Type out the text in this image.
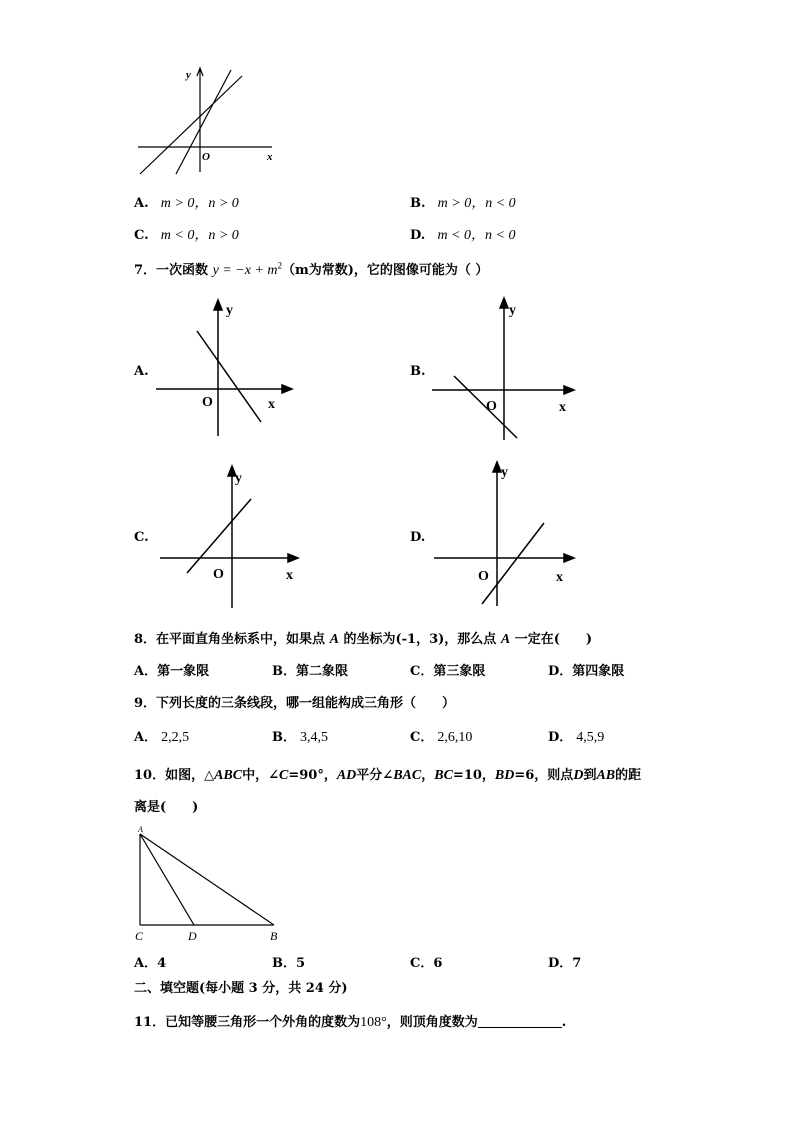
y
O	x
A. m > 0，n > 0	B. m > 0，n < 0
C. m < 0，n > 0	D. m < 0，n < 0
7．一次函数 $y = -x + m^2(m$为常数)，它的图像可能为（ ）
A.
y
O	x
B.
y
O	x
C.
y
O	x
D.
y
O	x
8．在平面直角坐标系中，如果点 A 的坐标为(-1，3)，那么点 A 一定在(　　)
A．第一象限	B．第二象限	C．第三象限	D．第四象限
9．下列长度的三条线段，哪一组能构成三角形（　　）
A． 2,2,5	B． 3,4,5	C． 2,6,10	D． 4,5,9
10．如图，△ABC中，∠C=90°，AD平分∠BAC，BC=10，BD=6，则点D到AB的距
离是(　　)
A
C	D	B
A．4	B．5	C．6	D．7
二、填空题(每小题 3 分，共 24 分)
11．已知等腰三角形一个外角的度数为108°，则顶角度数为	.
